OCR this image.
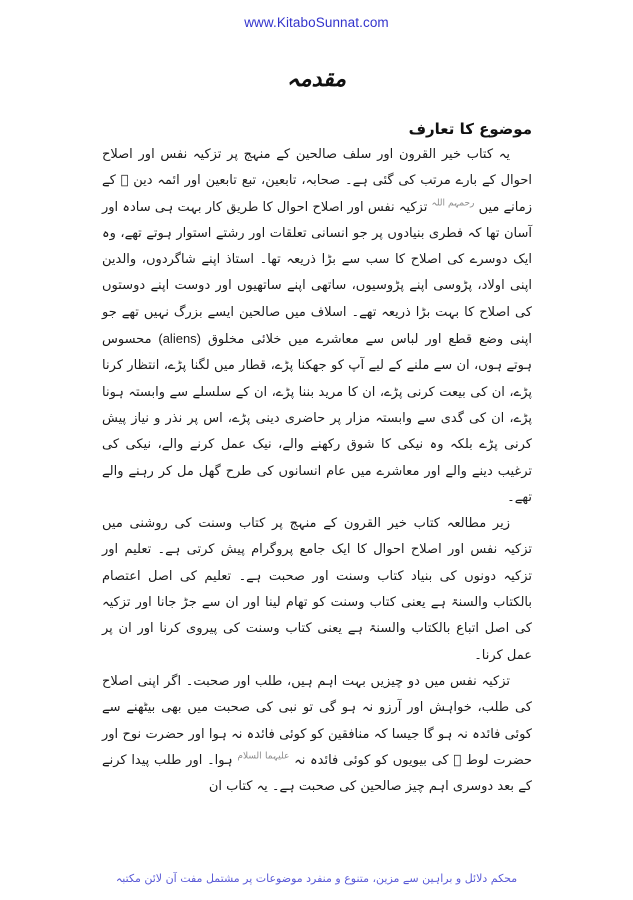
www.KitaboSunnat.com
مقدمہ
موضوع کا تعارف

یہ کتاب خیر القرون اور سلف صالحین کے منہج پر تزکیہ نفس اور اصلاح احوال کے بارے مرتب کی گئی ہے۔ صحابہ، تابعین، تبع تابعین اور ائمہ دین ﷭ کے زمانے میں $^{رحمہم اللہ}$ تزکیہ نفس اور اصلاح احوال کا طریق کار بہت ہی سادہ اور آسان تھا کہ فطری بنیادوں پر جو انسانی تعلقات اور رشتے استوار ہوتے تھے، وہ ایک دوسرے کی اصلاح کا سب سے بڑا ذریعہ تھا۔ استاذ اپنے شاگردوں، والدین اپنی اولاد، پڑوسی اپنے پڑوسیوں، ساتھی اپنے ساتھیوں اور دوست اپنے دوستوں کی اصلاح کا بہت بڑا ذریعہ تھے۔ اسلاف میں صالحین ایسے بزرگ نہیں تھے جو اپنی وضع قطع اور لباس سے معاشرے میں خلائی مخلوق (aliens) محسوس ہوتے ہوں، ان سے ملنے کے لیے آپ کو جھکنا پڑے، قطار میں لگنا پڑے، انتظار کرنا پڑے، ان کی بیعت کرنی پڑے، ان کا مرید بننا پڑے، ان کے سلسلے سے وابستہ ہونا پڑے، ان کی گدی سے وابستہ مزار پر حاضری دینی پڑے، اس پر نذر و نیاز پیش کرنی پڑے بلکہ وہ نیکی کا شوق رکھنے والے، نیک عمل کرنے والے، نیکی کی ترغیب دینے والے اور معاشرے میں عام انسانوں کی طرح گھل مل کر رہنے والے تھے۔

زیر مطالعہ کتاب خیر القرون کے منہج پر کتاب وسنت کی روشنی میں تزکیہ نفس اور اصلاح احوال کا ایک جامع پروگرام پیش کرتی ہے۔ تعلیم اور تزکیہ دونوں کی بنیاد کتاب وسنت اور صحبت ہے۔ تعلیم کی اصل اعتصام بالکتاب والسنۃ ہے یعنی کتاب وسنت کو تھام لینا اور ان سے جڑ جانا اور تزکیہ کی اصل اتباع بالکتاب والسنۃ ہے یعنی کتاب وسنت کی پیروی کرنا اور ان پر عمل کرنا۔

تزکیہ نفس میں دو چیزیں بہت اہم ہیں، طلب اور صحبت۔ اگر اپنی اصلاح کی طلب، خواہش اور آرزو نہ ہو گی تو نبی کی صحبت میں بھی بیٹھنے سے کوئی فائدہ نہ ہو گا جیسا کہ منافقین کو کوئی فائدہ نہ ہوا اور حضرت نوح اور حضرت لوط ﷨ کی بیویوں کو کوئی فائدہ نہ $^{علیہما السلام}$ ہوا۔ اور طلب پیدا کرنے کے بعد دوسری اہم چیز صالحین کی صحبت ہے۔ یہ کتاب ان

محکم دلائل و براہین سے مزین، متنوع و منفرد موضوعات پر مشتمل مفت آن لائن مکتبہ
